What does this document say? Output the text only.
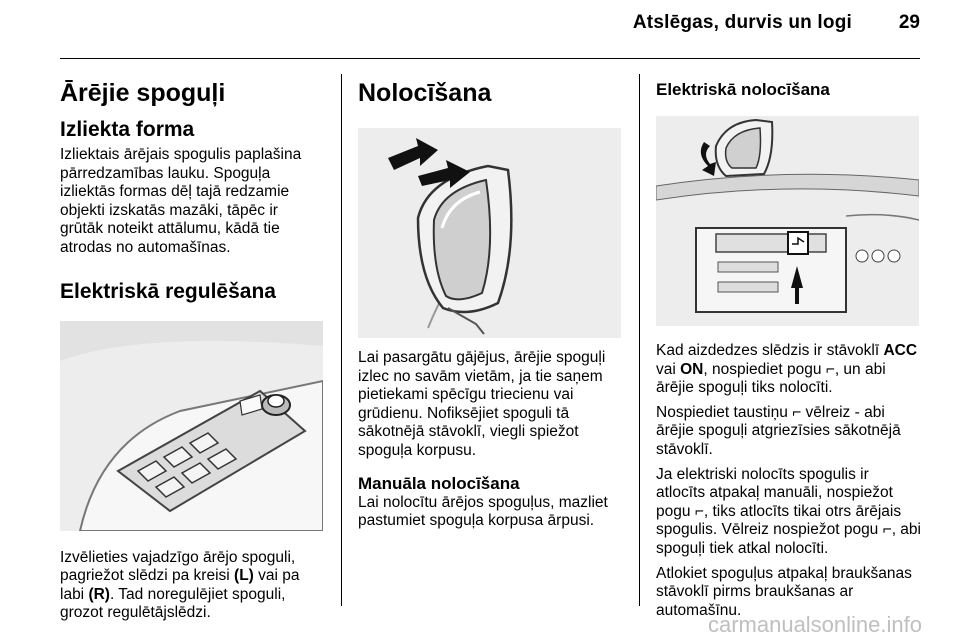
Atslēgas, durvis un logi 29
Ārējie spoguļi
Izliekta forma

Izliektais ārējais spogulis paplašina pārredzamības lauku. Spoguļa izliektās formas dēļ tajā redzamie objekti izskatās mazāki, tāpēc ir grūtāk noteikt attālumu, kādā tie atrodas no automašīnas.

Elektriskā regulēšana

Izvēlieties vajadzīgo ārējo spoguli, pagriežot slēdzi pa kreisi (L) vai pa labi (R). Tad noregulējiet spoguli, grozot regulētājslēdzi.

Nolocīšana

Lai pasargātu gājējus, ārējie spoguļi izlec no savām vietām, ja tie saņem pietiekami spēcīgu triecienu vai grūdienu. Nofiksējiet spoguli tā sākotnējā stāvoklī, viegli spiežot spoguļa korpusu.

Manuāla nolocīšana

Lai nolocītu ārējos spoguļus, mazliet pastumiet spoguļa korpusa ārpusi.

Elektriskā nolocīšana

Kad aizdedzes slēdzis ir stāvoklī ACC vai ON, nospiediet pogu ⌐, un abi ārējie spoguļi tiks nolocīti.

Nospiediet taustiņu ⌐ vēlreiz - abi ārējie spoguļi atgriezīsies sākotnējā stāvoklī.

Ja elektriski nolocīts spogulis ir atlocīts atpakaļ manuāli, nospiežot pogu ⌐, tiks atlocīts tikai otrs ārējais spogulis. Vēlreiz nospiežot pogu ⌐, abi spoguļi tiek atkal nolocīti.

Atlokiet spoguļus atpakaļ braukšanas stāvoklī pirms braukšanas ar automašīnu.

carmanualsonline.info
